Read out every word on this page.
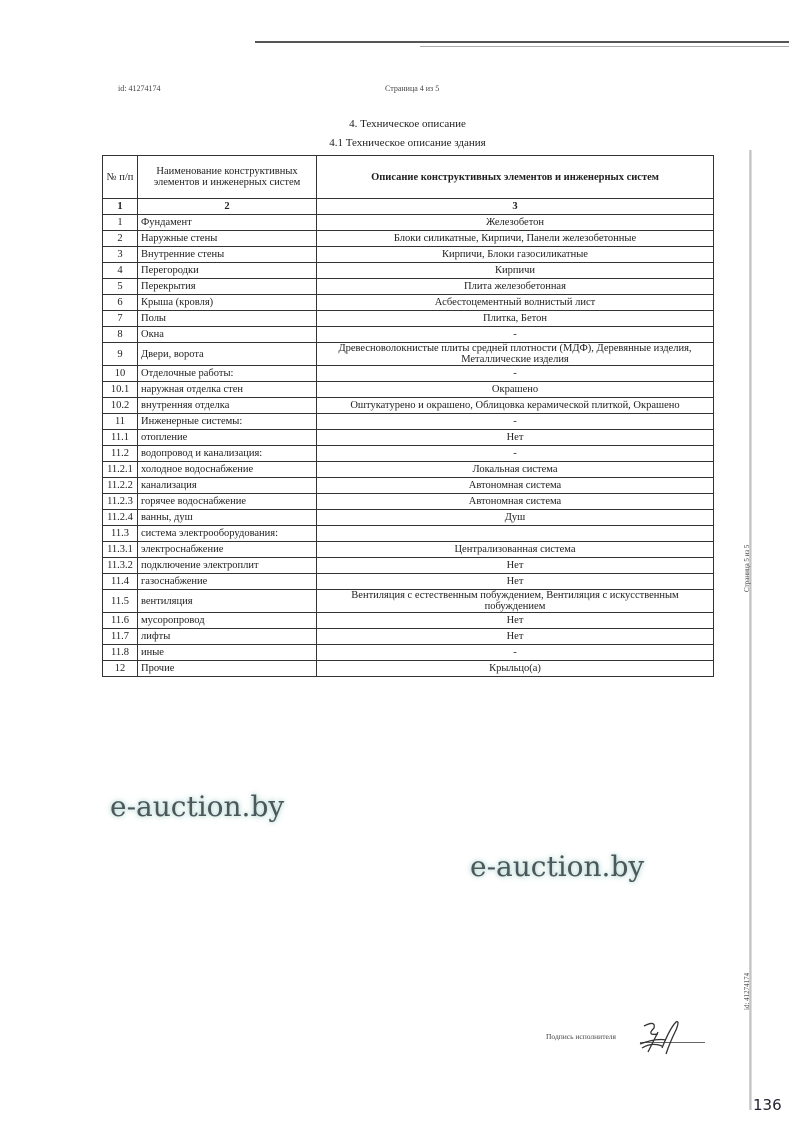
id: 41274174	Страница 4 из 5
4. Техническое описание
4.1 Техническое описание здания
№ п/п	Наименование конструктивных элементов и инженерных систем	Описание конструктивных элементов и инженерных систем
1	2	3
1	Фундамент	Железобетон
2	Наружные стены	Блоки силикатные, Кирпичи, Панели железобетонные
3	Внутренние стены	Кирпичи, Блоки газосиликатные
4	Перегородки	Кирпичи
5	Перекрытия	Плита железобетонная
6	Крыша (кровля)	Асбестоцементный волнистый лист
7	Полы	Плитка, Бетон
8	Окна	-
9	Двери, ворота	Древесноволокнистые плиты средней плотности (МДФ), Деревянные изделия, Металлические изделия
10	Отделочные работы:	-
10.1	наружная отделка стен	Окрашено
10.2	внутренняя отделка	Оштукатурено и окрашено, Облицовка керамической плиткой, Окрашено
11	Инженерные системы:	-
11.1	отопление	Нет
11.2	водопровод и канализация:	-
11.2.1	холодное водоснабжение	Локальная система
11.2.2	канализация	Автономная система
11.2.3	горячее водоснабжение	Автономная система
11.2.4	ванны, душ	Душ
11.3	система электрооборудования:	
11.3.1	электроснабжение	Централизованная система
11.3.2	подключение электроплит	Нет
11.4	газоснабжение	Нет
11.5	вентиляция	Вентиляция с естественным побуждением, Вентиляция с искусственным побуждением
11.6	мусоропровод	Нет
11.7	лифты	Нет
11.8	иные	-
12	Прочие	Крыльцо(а)
e-auction.by
e-auction.by
Страница 5 из 5
id: 41274174
Подпись исполнителя
136
